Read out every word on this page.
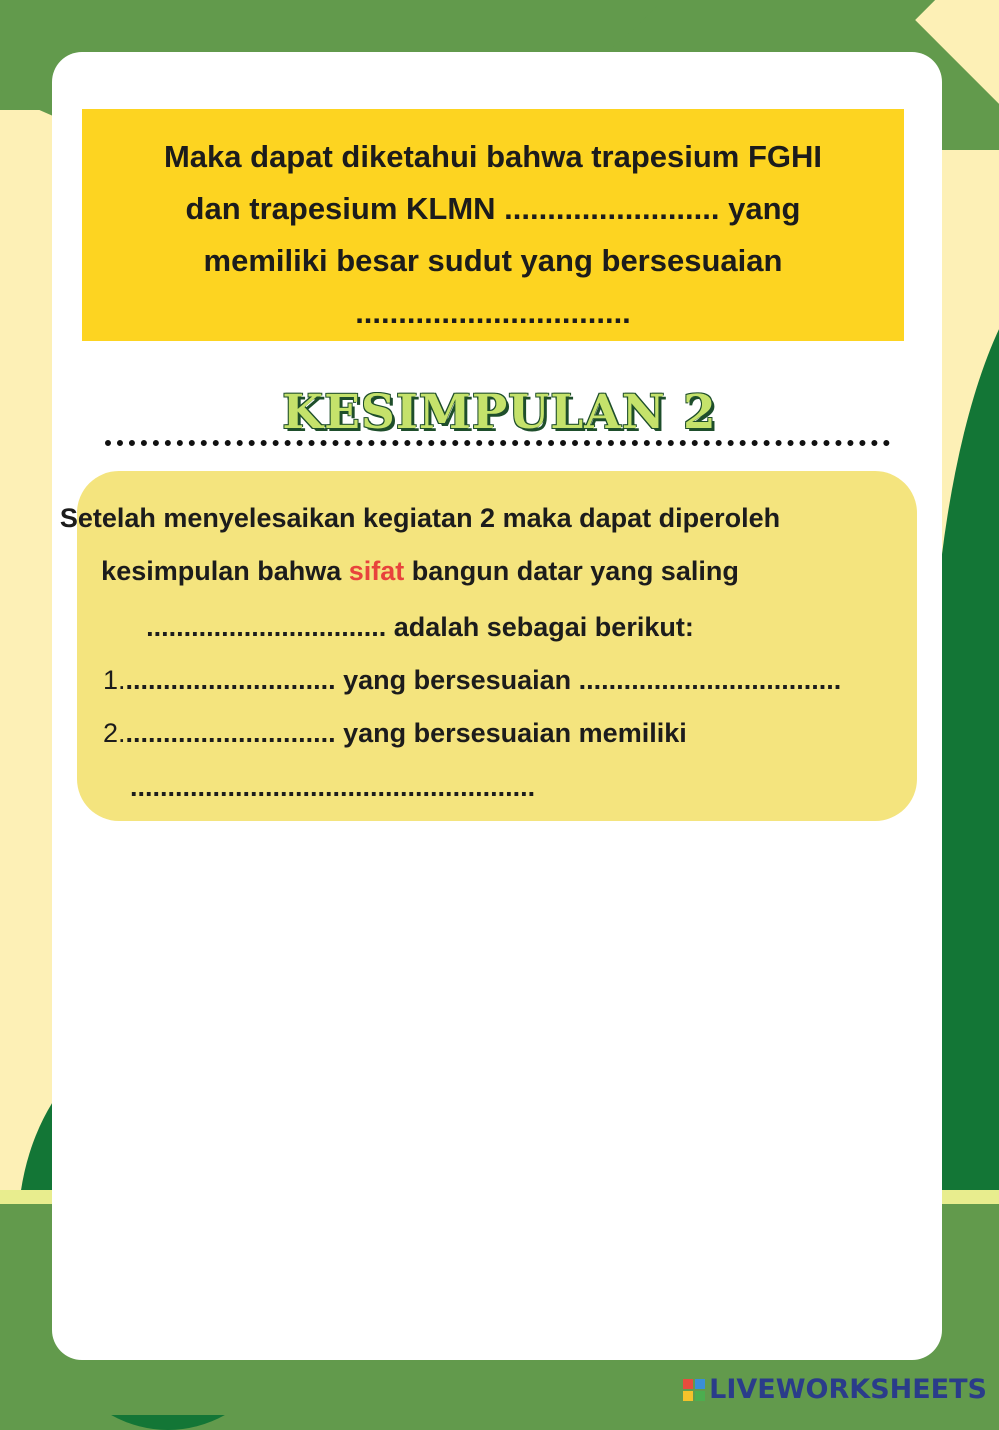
Maka dapat diketahui bahwa trapesium FGHI
dan trapesium KLMN ......................... yang
memiliki besar sudut yang bersesuaian
................................
KESIMPULAN 2
Setelah menyelesaikan kegiatan 2 maka dapat diperoleh
kesimpulan bahwa sifat bangun datar yang saling
................................ adalah sebagai berikut:
1............................. yang bersesuaian ...................................
2............................. yang bersesuaian memiliki
......................................................
LIVEWORKSHEETS
